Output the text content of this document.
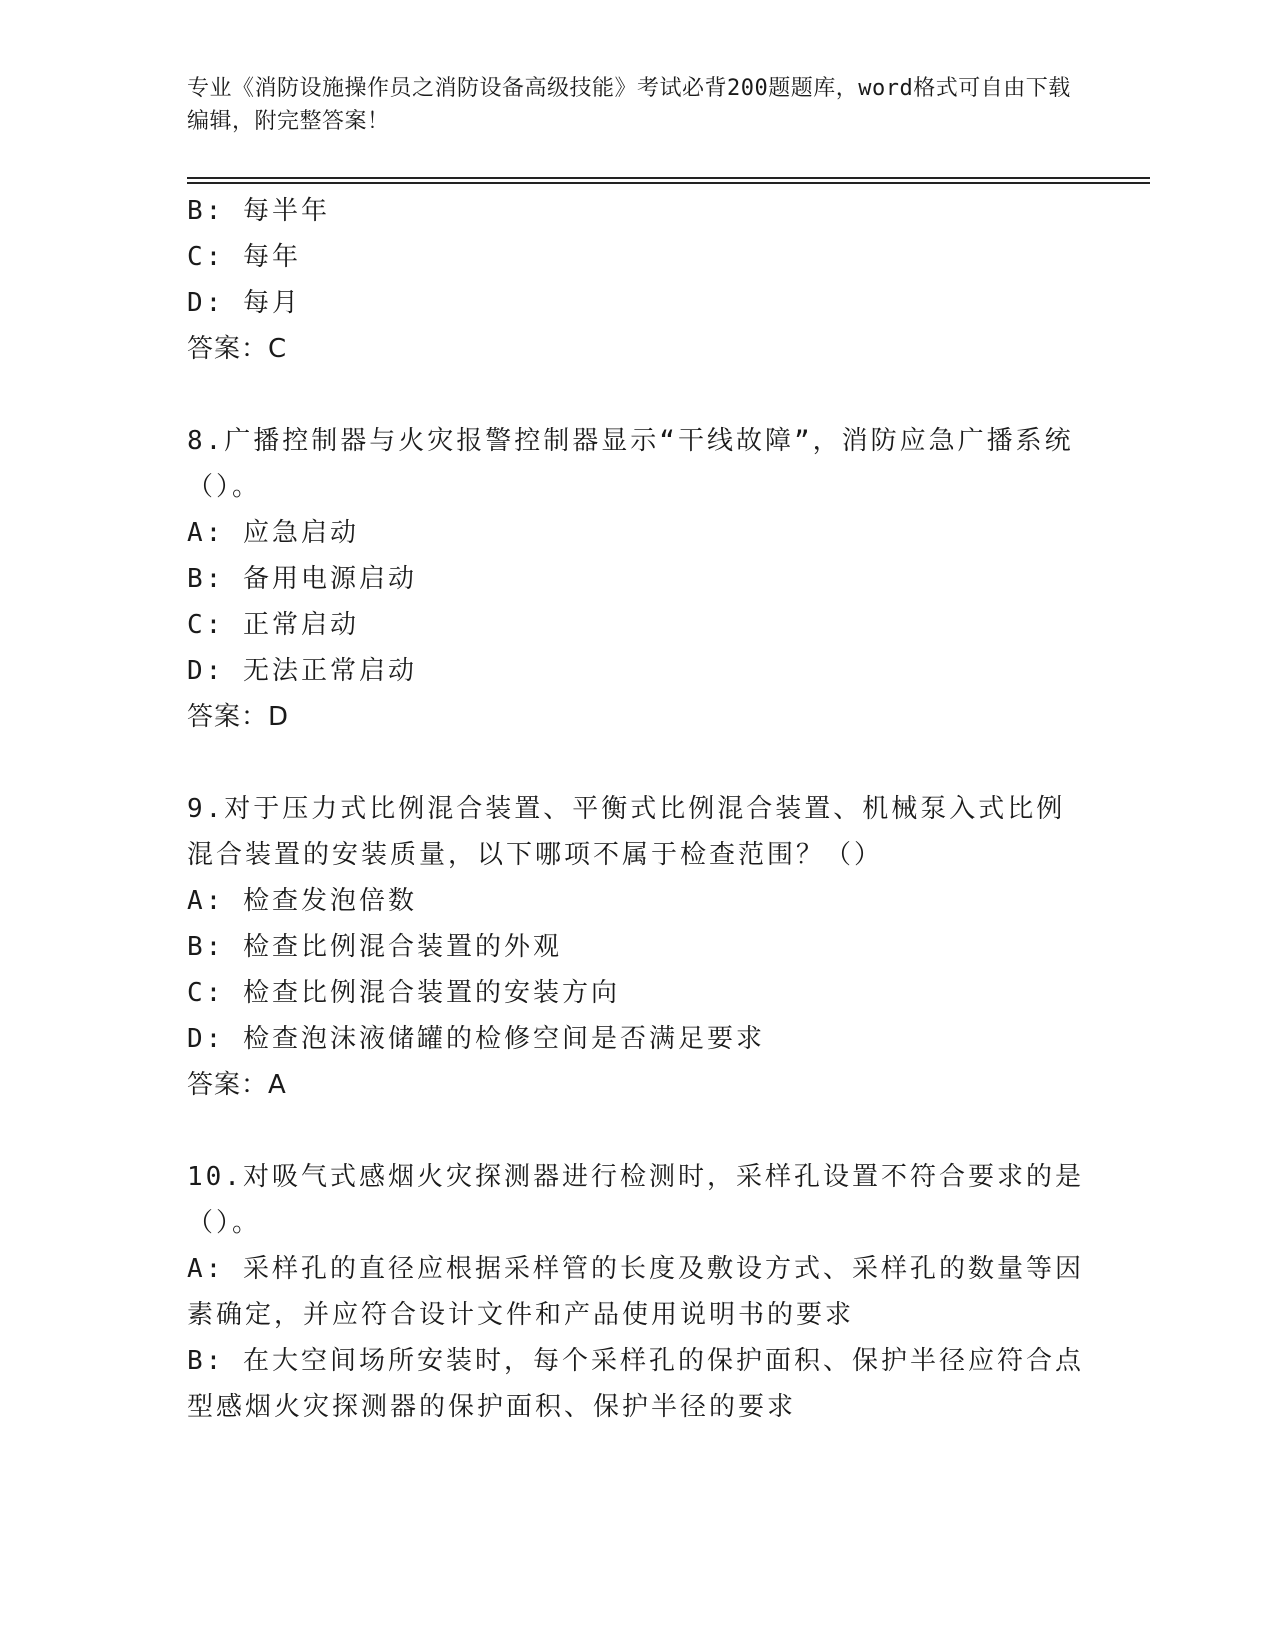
专业《消防设施操作员之消防设备高级技能》考试必背200题题库，word格式可自由下载编辑，附完整答案！
B: 每半年
C: 每年
D: 每月
答案：C
8.广播控制器与火灾报警控制器显示“干线故障”，消防应急广播系统（）。
A: 应急启动
B: 备用电源启动
C: 正常启动
D: 无法正常启动
答案：D
9.对于压力式比例混合装置、平衡式比例混合装置、机械泵入式比例混合装置的安装质量，以下哪项不属于检查范围？（）
A: 检查发泡倍数
B: 检查比例混合装置的外观
C: 检查比例混合装置的安装方向
D: 检查泡沫液储罐的检修空间是否满足要求
答案：A
10.对吸气式感烟火灾探测器进行检测时，采样孔设置不符合要求的是（）。
A: 采样孔的直径应根据采样管的长度及敷设方式、采样孔的数量等因素确定，并应符合设计文件和产品使用说明书的要求
B: 在大空间场所安装时，每个采样孔的保护面积、保护半径应符合点型感烟火灾探测器的保护面积、保护半径的要求
